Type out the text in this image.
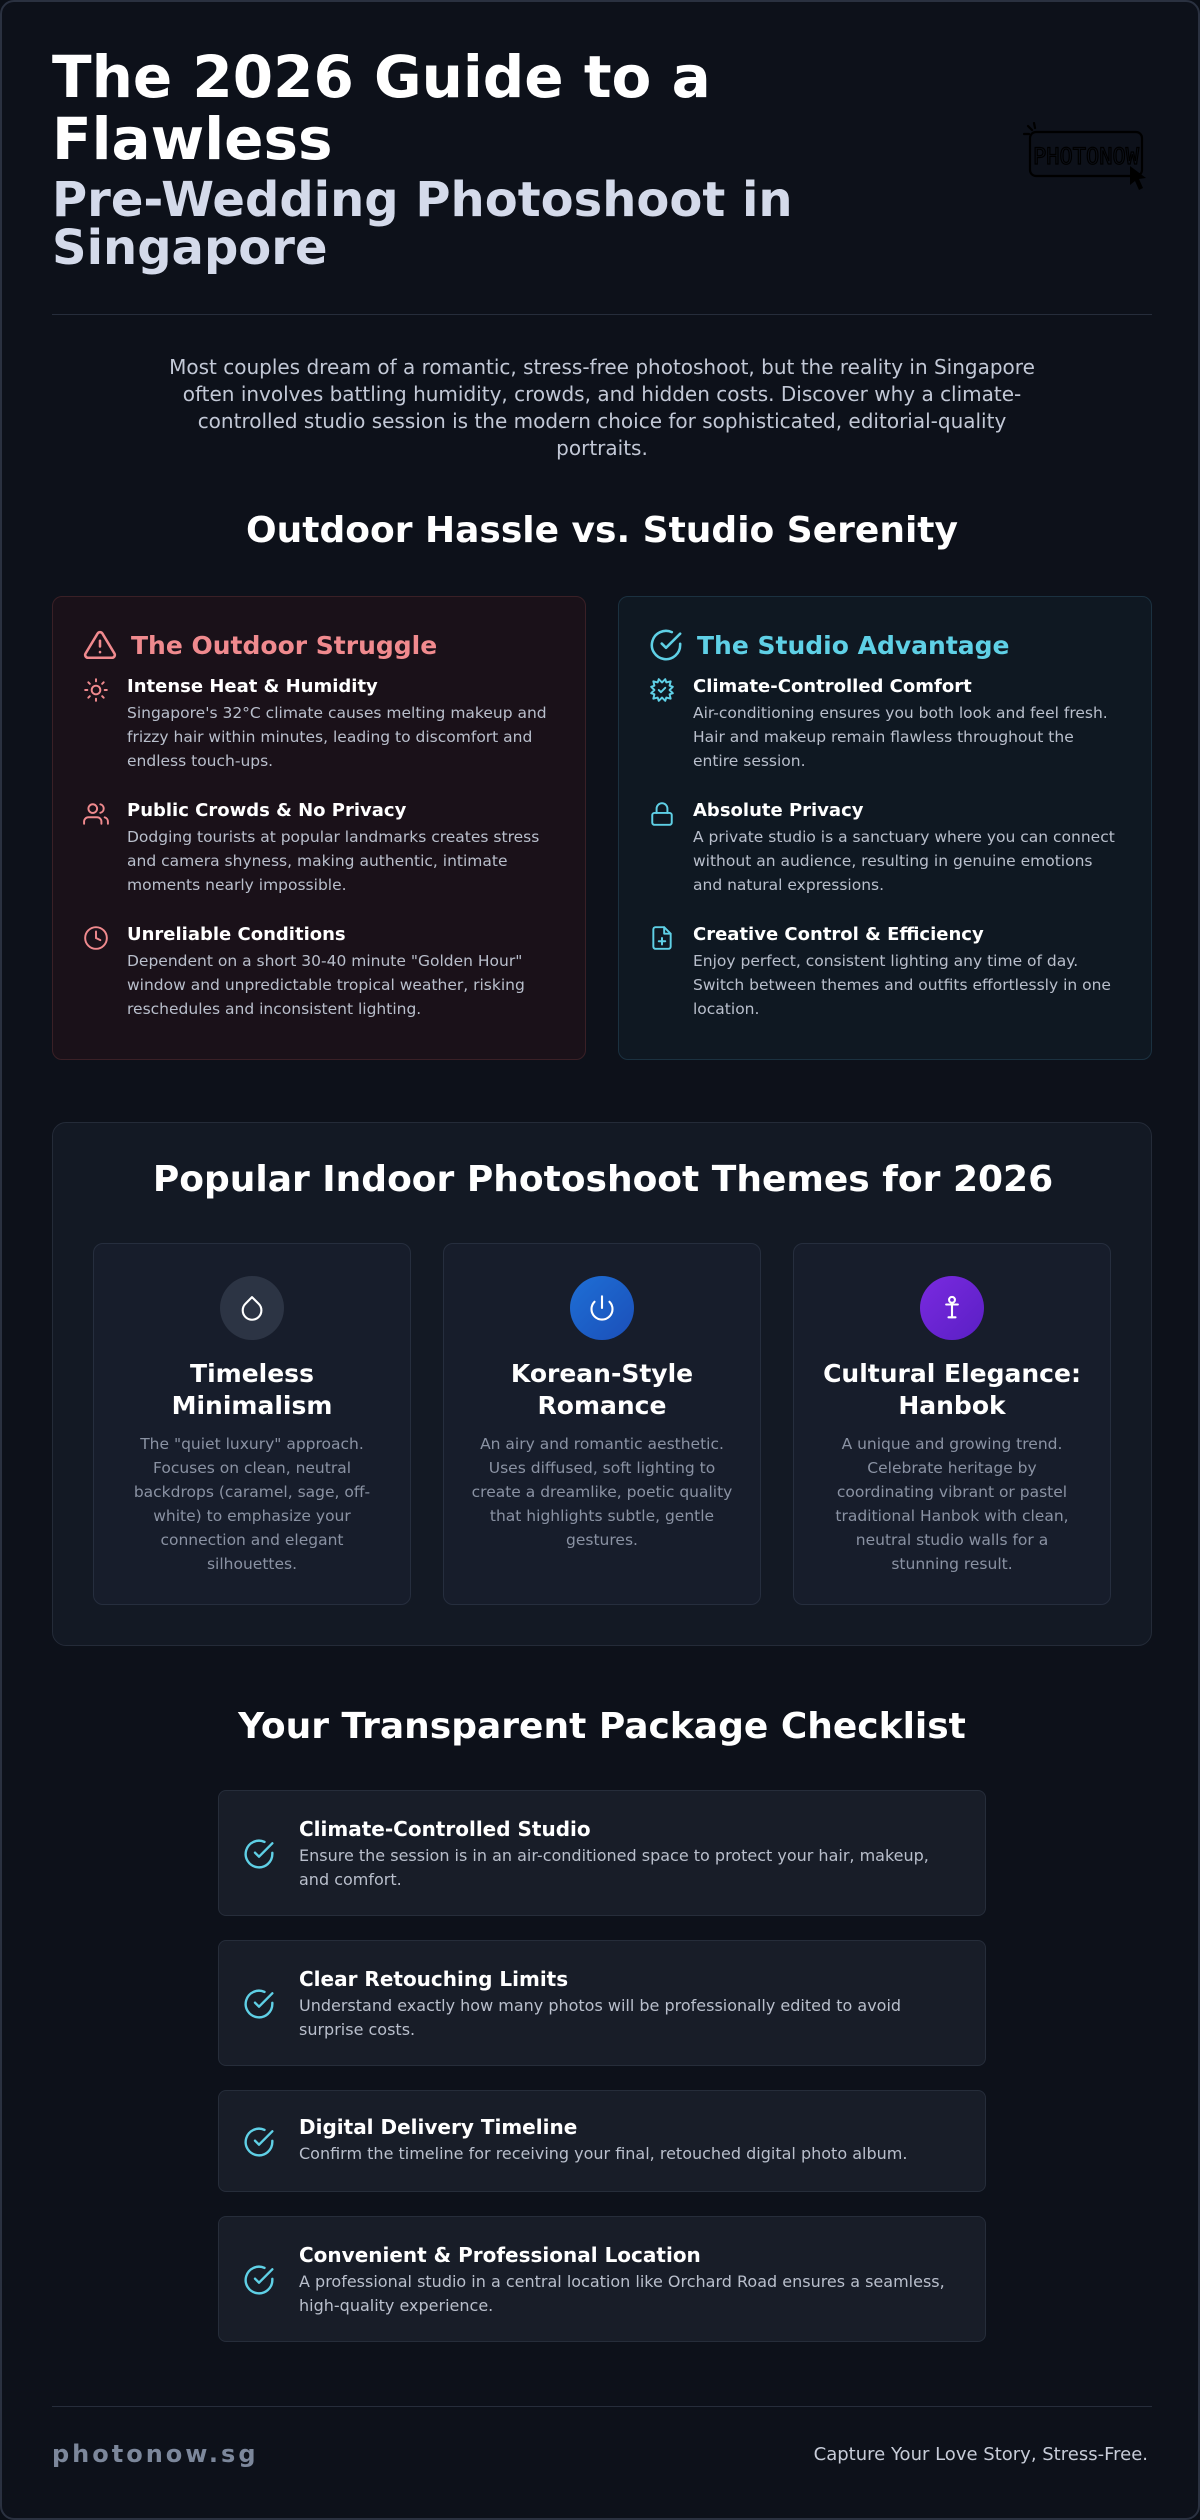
The 2026 Guide to a Flawless
Pre-Wedding Photoshoot in Singapore
PHOTONOW

Most couples dream of a romantic, stress-free photoshoot, but the reality in Singapore often involves battling humidity, crowds, and hidden costs. Discover why a climate-controlled studio session is the modern choice for sophisticated, editorial-quality portraits.

Outdoor Hassle vs. Studio Serenity
The Outdoor Struggle
Intense Heat & Humidity
Singapore's 32°C climate causes melting makeup and frizzy hair within minutes, leading to discomfort and endless touch-ups.
Public Crowds & No Privacy
Dodging tourists at popular landmarks creates stress and camera shyness, making authentic, intimate moments nearly impossible.
Unreliable Conditions
Dependent on a short 30-40 minute "Golden Hour" window and unpredictable tropical weather, risking reschedules and inconsistent lighting.
The Studio Advantage
Climate-Controlled Comfort
Air-conditioning ensures you both look and feel fresh. Hair and makeup remain flawless throughout the entire session.
Absolute Privacy
A private studio is a sanctuary where you can connect without an audience, resulting in genuine emotions and natural expressions.
Creative Control & Efficiency
Enjoy perfect, consistent lighting any time of day. Switch between themes and outfits effortlessly in one location.
Popular Indoor Photoshoot Themes for 2026
Timeless Minimalism
The "quiet luxury" approach. Focuses on clean, neutral backdrops (caramel, sage, off-white) to emphasize your connection and elegant silhouettes.
Korean-Style Romance
An airy and romantic aesthetic. Uses diffused, soft lighting to create a dreamlike, poetic quality that highlights subtle, gentle gestures.
Cultural Elegance: Hanbok
A unique and growing trend. Celebrate heritage by coordinating vibrant or pastel traditional Hanbok with clean, neutral studio walls for a stunning result.
Your Transparent Package Checklist
Climate-Controlled Studio
Ensure the session is in an air-conditioned space to protect your hair, makeup, and comfort.
Clear Retouching Limits
Understand exactly how many photos will be professionally edited to avoid surprise costs.
Digital Delivery Timeline
Confirm the timeline for receiving your final, retouched digital photo album.
Convenient & Professional Location
A professional studio in a central location like Orchard Road ensures a seamless, high-quality experience.
photonow.sg	Capture Your Love Story, Stress-Free.
